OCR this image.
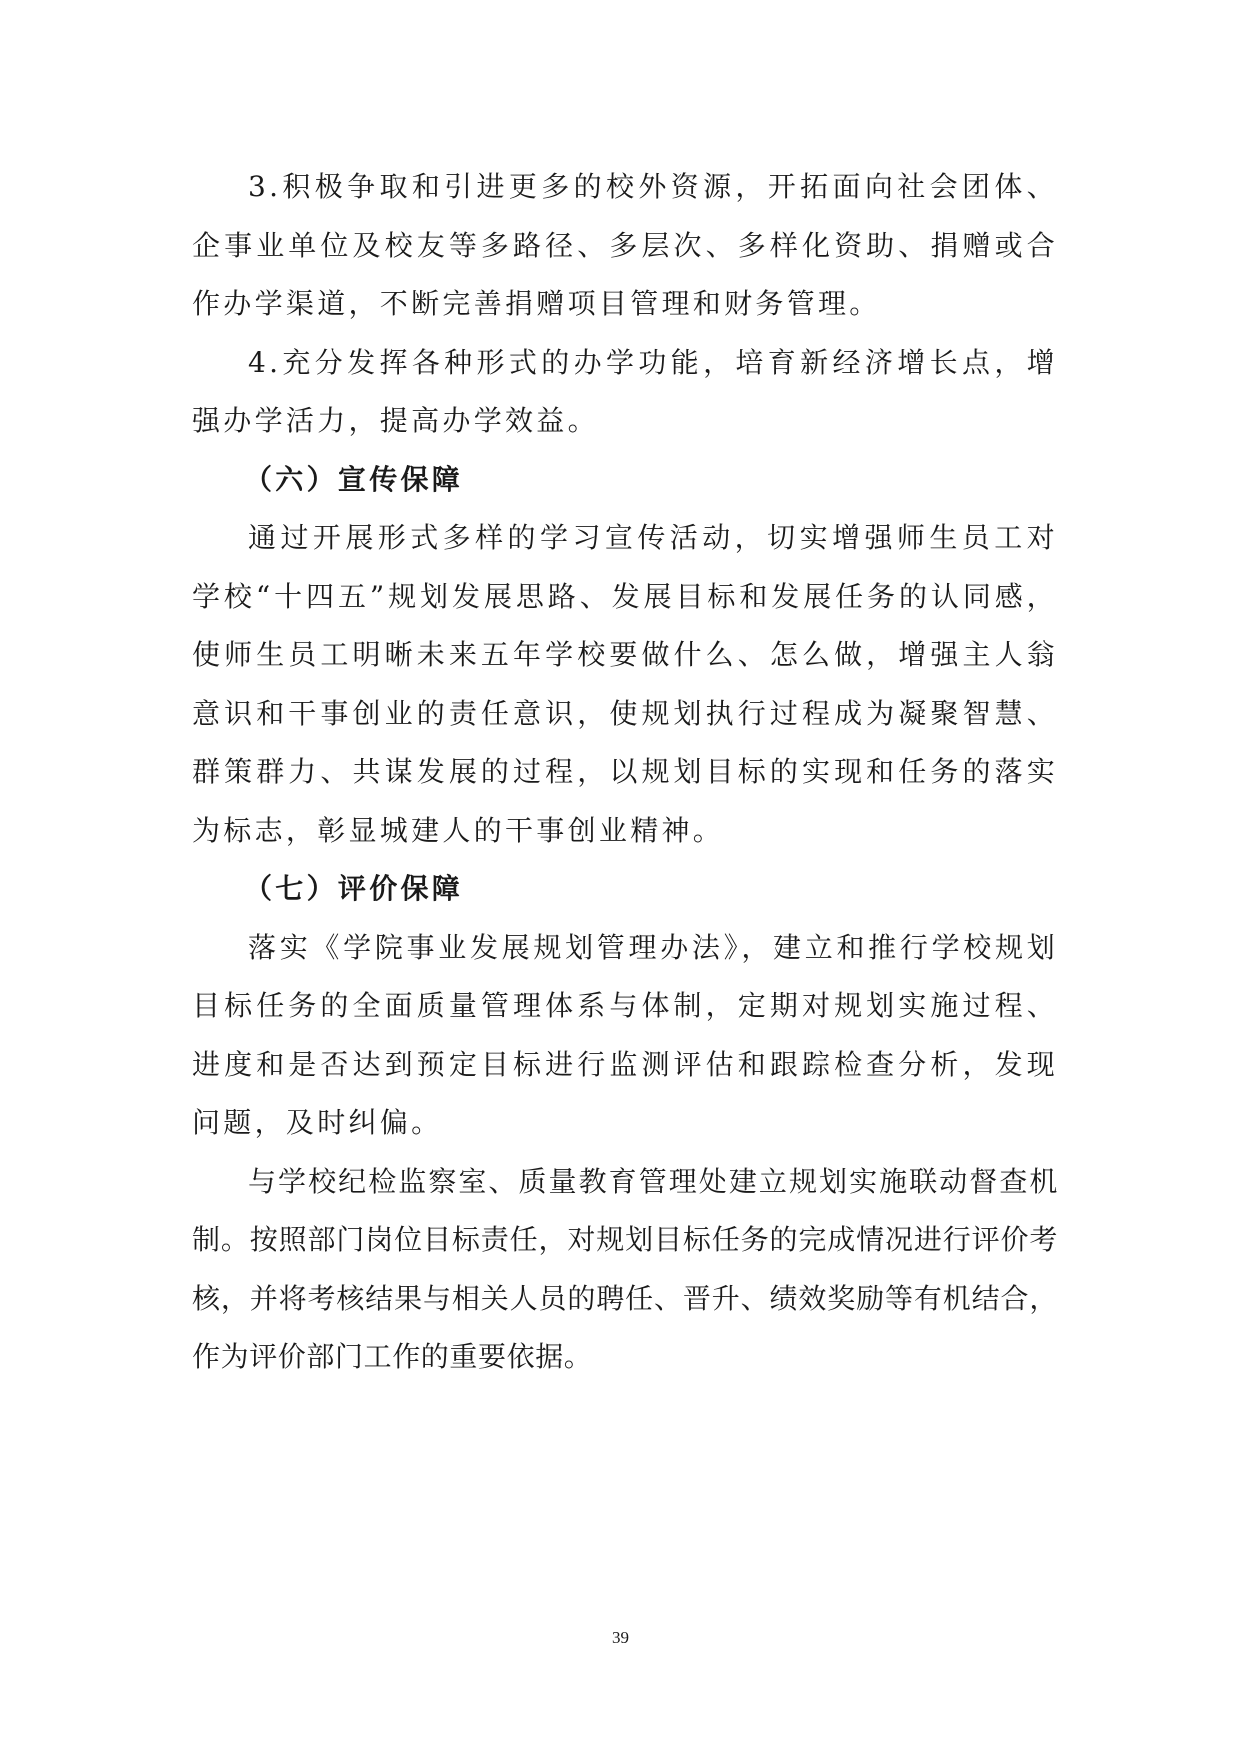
3.积极争取和引进更多的校外资源，开拓面向社会团体、企事业单位及校友等多路径、多层次、多样化资助、捐赠或合作办学渠道，不断完善捐赠项目管理和财务管理。

4.充分发挥各种形式的办学功能，培育新经济增长点，增强办学活力，提高办学效益。

（六）宣传保障

通过开展形式多样的学习宣传活动，切实增强师生员工对学校“十四五”规划发展思路、发展目标和发展任务的认同感，使师生员工明晰未来五年学校要做什么、怎么做，增强主人翁意识和干事创业的责任意识，使规划执行过程成为凝聚智慧、群策群力、共谋发展的过程，以规划目标的实现和任务的落实为标志，彰显城建人的干事创业精神。

（七）评价保障

落实《学院事业发展规划管理办法》，建立和推行学校规划目标任务的全面质量管理体系与体制，定期对规划实施过程、进度和是否达到预定目标进行监测评估和跟踪检查分析，发现问题，及时纠偏。

与学校纪检监察室、质量教育管理处建立规划实施联动督查机制。按照部门岗位目标责任，对规划目标任务的完成情况进行评价考核，并将考核结果与相关人员的聘任、晋升、绩效奖励等有机结合，作为评价部门工作的重要依据。

39
